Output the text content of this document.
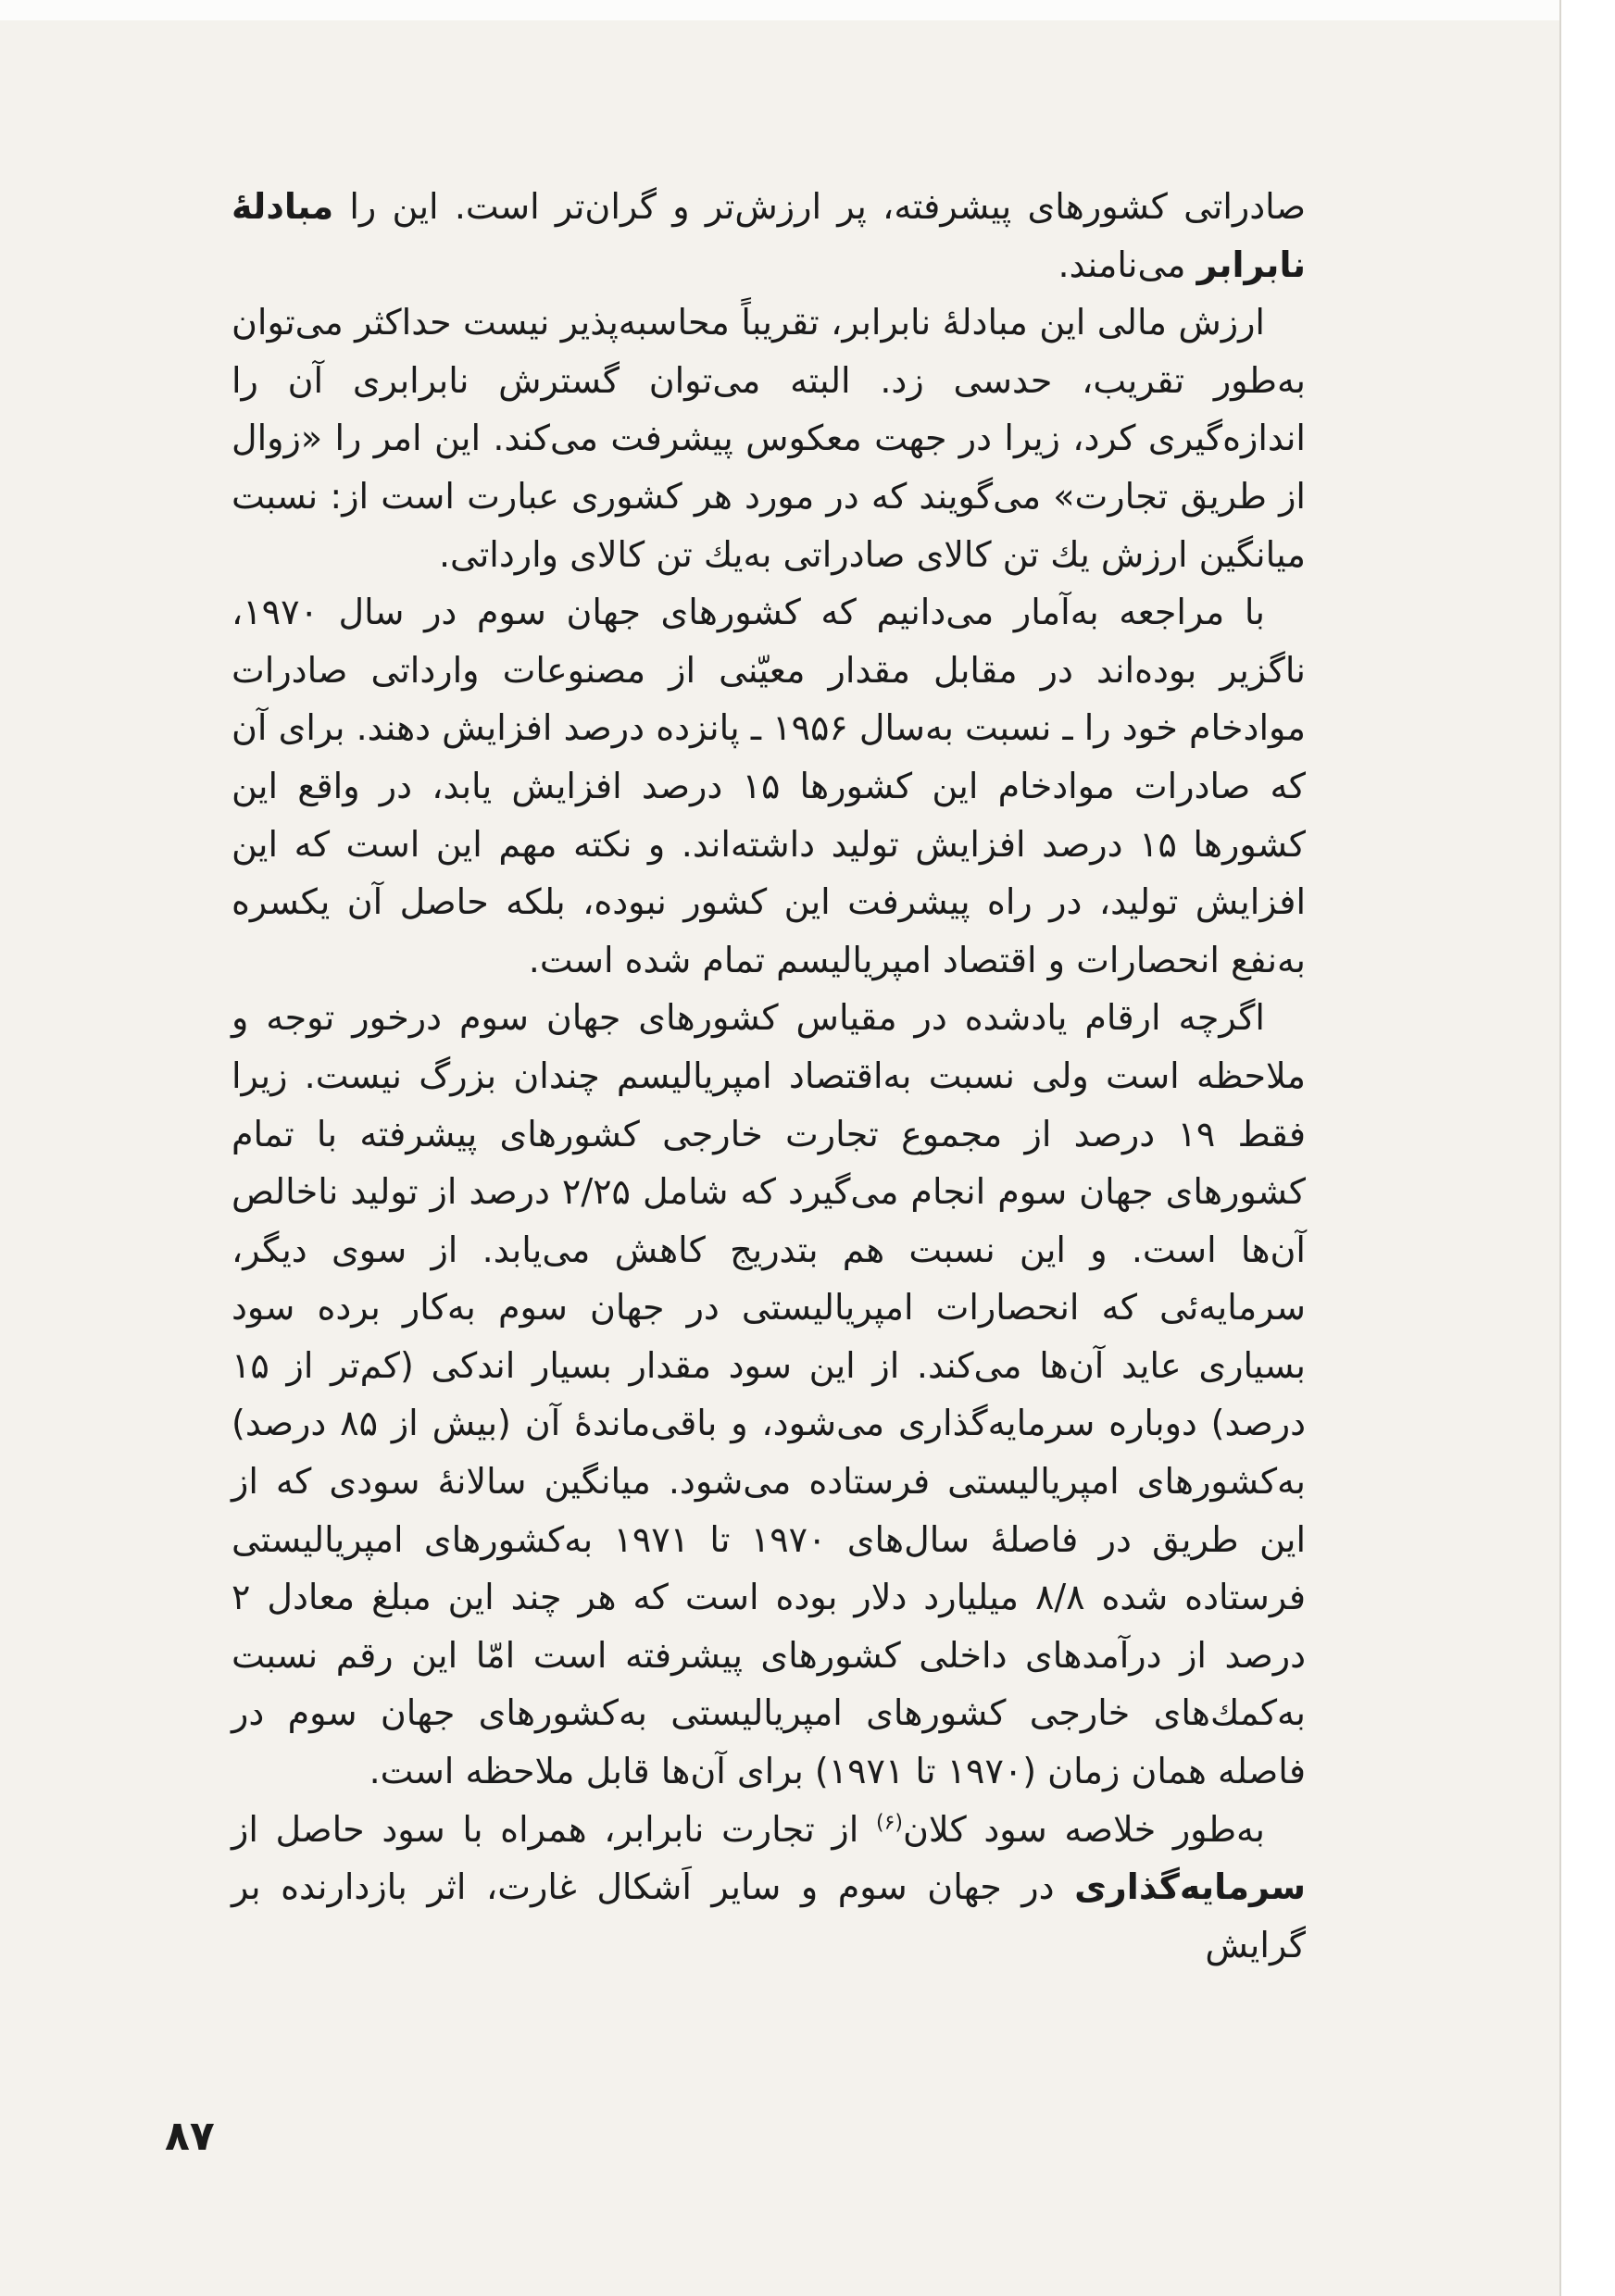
صادراتی کشورهای پیشرفته، پر ارزش‌تر و گران‌تر است. این را مبادلهٔ نابرابر می‌نامند.

ارزش مالی این مبادلهٔ نابرابر، تقریباً محاسبه‌پذیر نیست حداکثر می‌توان به‌طور تقریب، حدسی زد. البته می‌توان گسترش نابرابری آن را اندازه‌گیری کرد، زیرا در جهت معکوس پیشرفت می‌کند. این امر را «زوال از طریق تجارت» می‌گویند که در مورد هر کشوری عبارت است از: نسبت میانگین ارزش یك تن کالای صادراتی به‌یك تن کالای وارداتی.

با مراجعه به‌آمار می‌دانیم که کشورهای جهان سوم در سال ۱۹۷۰، ناگزیر بوده‌اند در مقابل مقدار معیّنی از مصنوعات وارداتی صادرات موادخام خود را ـ نسبت به‌سال ۱۹۵۶ ـ پانزده درصد افزایش دهند. برای آن که صادرات موادخام این کشورها ۱۵ درصد افزایش یابد، در واقع این کشورها ۱۵ درصد افزایش تولید داشته‌اند. و نکته مهم این است که این افزایش تولید، در راه پیشرفت این کشور نبوده، بلکه حاصل آن یکسره به‌نفع انحصارات و اقتصاد امپریالیسم تمام شده است.

اگرچه ارقام یادشده در مقیاس کشورهای جهان سوم درخور توجه و ملاحظه است ولی نسبت به‌اقتصاد امپریالیسم چندان بزرگ نیست. زیرا فقط ۱۹ درصد از مجموع تجارت خارجی کشورهای پیشرفته با تمام کشورهای جهان سوم انجام می‌گیرد که شامل ۲/۲۵ درصد از تولید ناخالص آن‌ها است. و این نسبت هم بتدریج کاهش می‌یابد. از سوی دیگر، سرمایه‌ئی که انحصارات امپریالیستی در جهان سوم به‌کار برده سود بسیاری عاید آن‌ها می‌کند. از این سود مقدار بسیار اندکی (کم‌تر از ۱۵ درصد) دوباره سرمایه‌گذاری می‌شود، و باقی‌ماندهٔ آن (بیش از ۸۵ درصد) به‌کشورهای امپریالیستی فرستاده می‌شود. میانگین سالانهٔ سودی که از این طریق در فاصلهٔ سال‌های ۱۹۷۰ تا ۱۹۷۱ به‌کشورهای امپریالیستی فرستاده شده ۸/۸ میلیارد دلار بوده است که هر چند این مبلغ معادل ۲ درصد از درآمدهای داخلی کشورهای پیشرفته است امّا این رقم نسبت به‌کمك‌های خارجی کشورهای امپریالیستی به‌کشورهای جهان سوم در فاصله همان زمان (۱۹۷۰ تا ۱۹۷۱) برای آن‌ها قابل ملاحظه است.

به‌طور خلاصه سود کلان$^{(۶)}$ از تجارت نابرابر، همراه با سود حاصل از سرمایه‌گذاری در جهان سوم و سایر اَشکال غارت، اثر بازدارنده بر گرایش

۸۷
